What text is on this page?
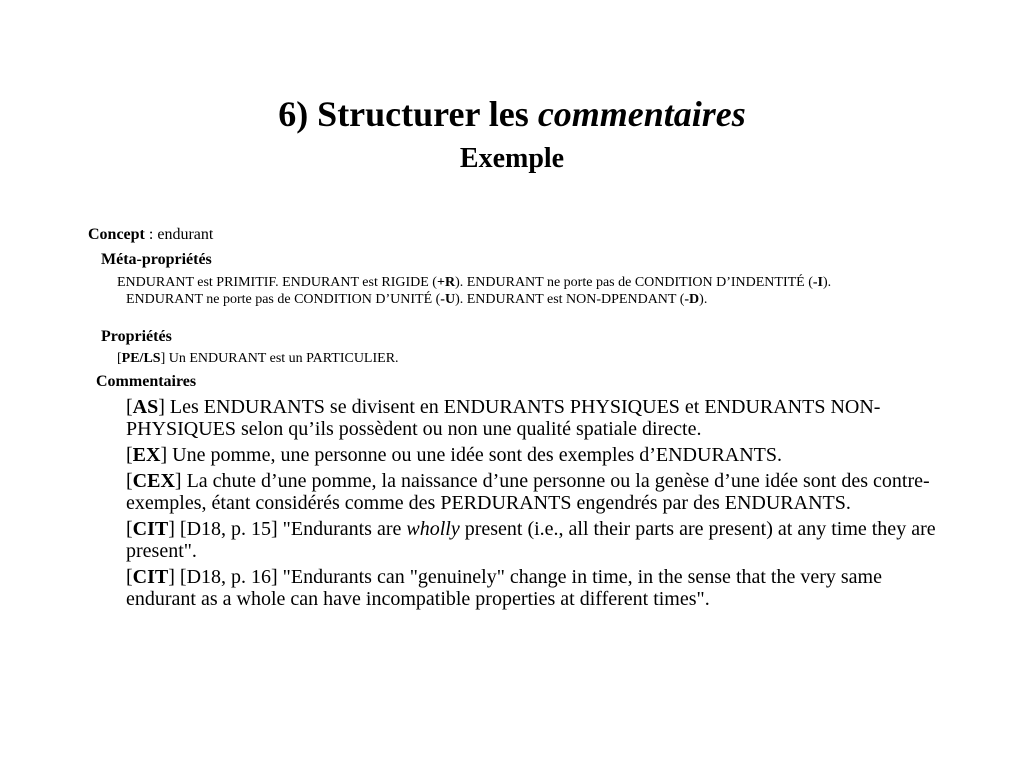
6) Structurer les commentaires
Exemple
Concept : endurant
Méta-propriétés
ENDURANT est PRIMITIF. ENDURANT est RIGIDE (+R). ENDURANT ne porte pas de CONDITION D’INDENTITÉ (-I). ENDURANT ne porte pas de CONDITION D’UNITÉ (-U). ENDURANT est NON-DPENDANT (-D).
Propriétés
[PE/LS] Un ENDURANT est un PARTICULIER.
Commentaires

[AS] Les ENDURANTS se divisent en ENDURANTS PHYSIQUES et ENDURANTS NON-PHYSIQUES selon qu’ils possèdent ou non une qualité spatiale directe.

[EX] Une pomme, une personne ou une idée sont des exemples d’ENDURANTS.

[CEX] La chute d’une pomme, la naissance d’une personne ou la genèse d’une idée sont des contre-exemples, étant considérés comme des PERDURANTS engendrés par des ENDURANTS.

[CIT] [D18, p. 15] "Endurants are wholly present (i.e., all their parts are present) at any time they are present".

[CIT] [D18, p. 16] "Endurants can "genuinely" change in time, in the sense that the very same endurant as a whole can have incompatible properties at different times".
